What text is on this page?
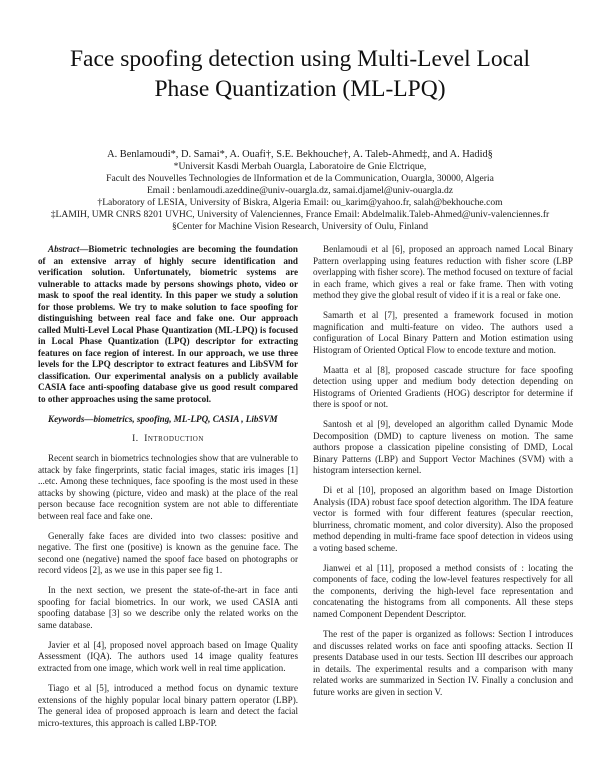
Face spoofing detection using Multi-Level Local
Phase Quantization (ML-LPQ)
A. Benlamoudi*, D. Samai*, A. Ouafi†, S.E. Bekhouche†, A. Taleb-Ahmed‡, and A. Hadid§
*Universit Kasdi Merbah Ouargla, Laboratoire de Gnie Elctrique,
Facult des Nouvelles Technologies de lInformation et de la Communication, Ouargla, 30000, Algeria
Email : benlamoudi.azeddine@univ-ouargla.dz, samai.djamel@univ-ouargla.dz
†Laboratory of LESIA, University of Biskra, Algeria Email: ou_karim@yahoo.fr, salah@bekhouche.com
‡LAMIH, UMR CNRS 8201 UVHC, University of Valenciennes, France Email: Abdelmalik.Taleb-Ahmed@univ-valenciennes.fr
§Center for Machine Vision Research, University of Oulu, Finland

Abstract—Biometric technologies are becoming the foundation of an extensive array of highly secure identification and verification solution. Unfortunately, biometric systems are vulnerable to attacks made by persons showings photo, video or mask to spoof the real identity. In this paper we study a solution for those problems. We try to make solution to face spoofing for distinguishing between real face and fake one. Our approach called Multi-Level Local Phase Quantization (ML-LPQ) is focused in Local Phase Quantization (LPQ) descriptor for extracting features on face region of interest. In our approach, we use three levels for the LPQ descriptor to extract features and LibSVM for classification. Our experimental analysis on a publicly available CASIA face anti-spoofing database give us good result compared to other approaches using the same protocol.

Keywords—biometrics, spoofing, ML-LPQ, CASIA , LibSVM

I. Introduction

Recent search in biometrics technologies show that are vulnerable to attack by fake fingerprints, static facial images, static iris images [1] ...etc. Among these techniques, face spoofing is the most used in these attacks by showing (picture, video and mask) at the place of the real person because face recognition system are not able to differentiate between real face and fake one.

Generally fake faces are divided into two classes: positive and negative. The first one (positive) is known as the genuine face. The second one (negative) named the spoof face based on photographs or record videos [2], as we use in this paper see fig 1.

In the next section, we present the state-of-the-art in face anti spoofing for facial biometrics. In our work, we used CASIA anti spoofing database [3] so we describe only the related works on the same database.

Javier et al [4], proposed novel approach based on Image Quality Assessment (IQA). The authors used 14 image quality features extracted from one image, which work well in real time application.

Tiago et al [5], introduced a method focus on dynamic texture extensions of the highly popular local binary pattern operator (LBP). The general idea of proposed approach is learn and detect the facial micro-textures, this approach is called LBP-TOP.

Benlamoudi et al [6], proposed an approach named Local Binary Pattern overlapping using features reduction with fisher score (LBP overlapping with fisher score). The method focused on texture of facial in each frame, which gives a real or fake frame. Then with voting method they give the global result of video if it is a real or fake one.

Samarth et al [7], presented a framework focused in motion magnification and multi-feature on video. The authors used a configuration of Local Binary Pattern and Motion estimation using Histogram of Oriented Optical Flow to encode texture and motion.

Maatta et al [8], proposed cascade structure for face spoofing detection using upper and medium body detection depending on Histograms of Oriented Gradients (HOG) descriptor for determine if there is spoof or not.

Santosh et al [9], developed an algorithm called Dynamic Mode Decomposition (DMD) to capture liveness on motion. The same authors propose a classication pipeline consisting of DMD, Local Binary Patterns (LBP) and Support Vector Machines (SVM) with a histogram intersection kernel.

Di et al [10], proposed an algorithm based on Image Distortion Analysis (IDA) robust face spoof detection algorithm. The IDA feature vector is formed with four different features (specular reection, blurriness, chromatic moment, and color diversity). Also the proposed method depending in multi-frame face spoof detection in videos using a voting based scheme.

Jianwei et al [11], proposed a method consists of : locating the components of face, coding the low-level features respectively for all the components, deriving the high-level face representation and concatenating the histograms from all components. All these steps named Component Dependent Descriptor.

The rest of the paper is organized as follows: Section I introduces and discusses related works on face anti spoofing attacks. Section II presents Database used in our tests. Section III describes our approach in details. The experimental results and a comparison with many related works are summarized in Section IV. Finally a conclusion and future works are given in section V.
